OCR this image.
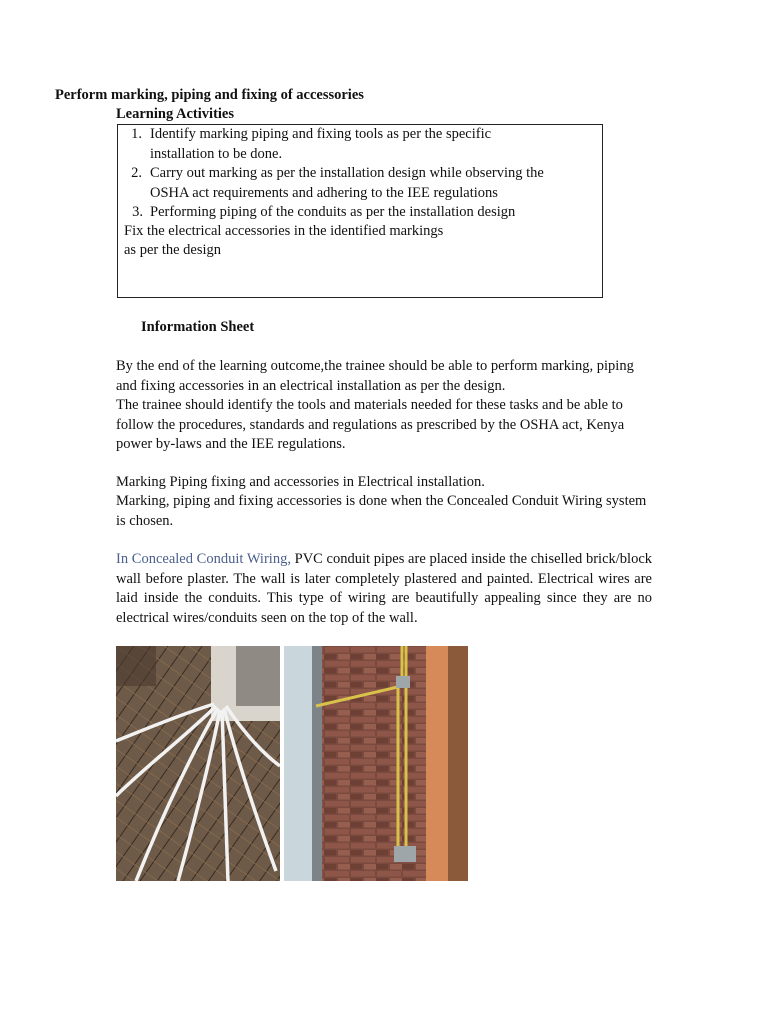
Perform marking, piping and fixing of accessories
Learning Activities
1. Identify marking piping and fixing tools as per the specific
installation to be done.
2. Carry out marking as per the installation design while observing the
OSHA act requirements and adhering to the IEE regulations
3. Performing piping of the conduits as per the installation design
Fix the electrical accessories in the identified markings
as per the design
Information Sheet
By the end of the learning outcome,the trainee should be able to perform marking, piping and fixing accessories in an electrical installation as per the design.
The trainee should identify the tools and materials needed for these tasks and be able to follow the procedures, standards and regulations as prescribed by the OSHA act, Kenya power by-laws and the IEE regulations.
Marking Piping fixing and accessories in Electrical installation.
Marking, piping and fixing accessories is done when the Concealed Conduit Wiring system is chosen.
In Concealed Conduit Wiring, PVC conduit pipes are placed inside the chiselled brick/block wall before plaster. The wall is later completely plastered and painted. Electrical wires are laid inside the conduits. This type of wiring are beautifully appealing since they are no electrical wires/conduits seen on the top of the wall.
